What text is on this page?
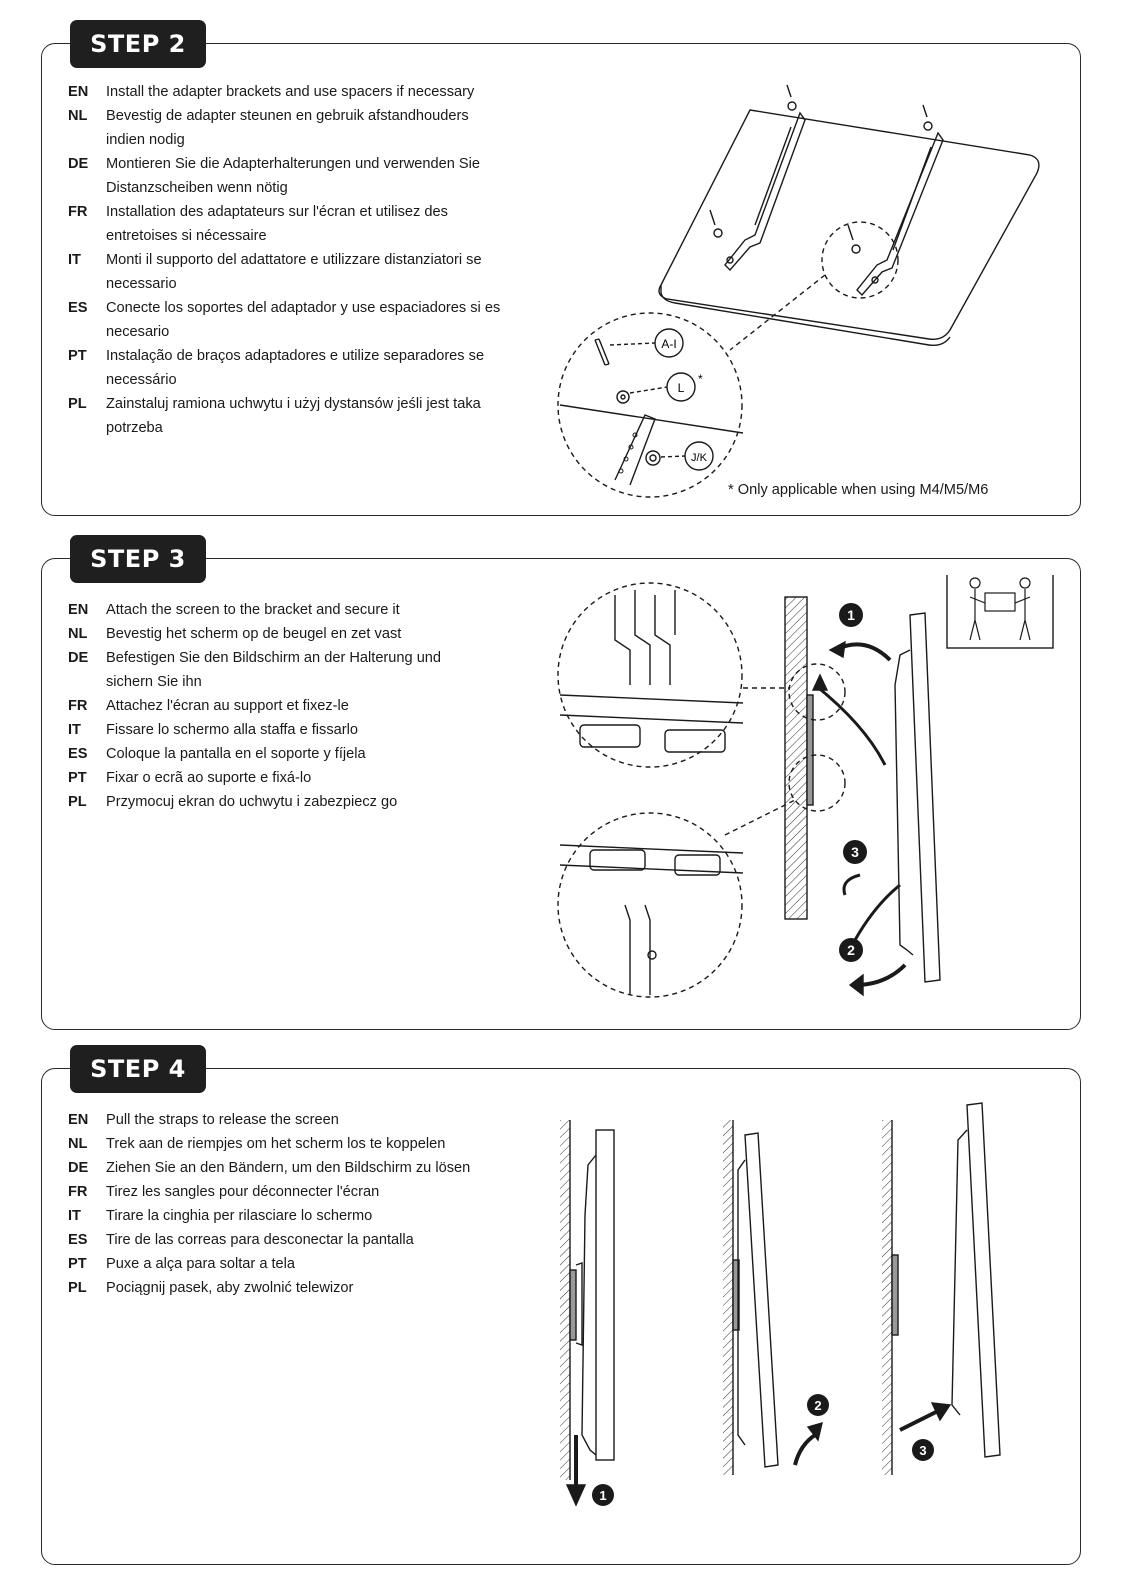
STEP 2
EN	Install the adapter brackets and use spacers if necessary
NL	Bevestig de adapter steunen en gebruik afstandhouders indien nodig
DE	Montieren Sie die Adapterhalterungen und verwenden Sie Distanzscheiben wenn nötig
FR	Installation des adaptateurs sur l'écran et utilisez des entretoises si nécessaire
IT	Monti il supporto del adattatore e utilizzare distanziatori se necessario
ES	Conecte los soportes del adaptador y use espaciadores si es necesario
PT	Instalação de braços adaptadores e utilize separadores se necessário
PL	Zainstaluj ramiona uchwytu i użyj dystansów jeśli jest taka potrzeba
A-I
L
*
J/K
* Only applicable when using M4/M5/M6
STEP 3
EN	Attach the screen to the bracket and secure it
NL	Bevestig het scherm op de beugel en zet vast
DE	Befestigen Sie den Bildschirm an der Halterung und sichern Sie ihn
FR	Attachez l'écran au support et fixez-le
IT	Fissare lo schermo alla staffa e fissarlo
ES	Coloque la pantalla en el soporte y fíjela
PT	Fixar o ecrã ao suporte e fixá-lo
PL	Przymocuj ekran do uchwytu i zabezpiecz go
1
2
3
STEP 4
EN	Pull the straps to release the screen
NL	Trek aan de riempjes om het scherm los te koppelen
DE	Ziehen Sie an den Bändern, um den Bildschirm zu lösen
FR	Tirez les sangles pour déconnecter l'écran
IT	Tirare la cinghia per rilasciare lo schermo
ES	Tire de las correas para desconectar la pantalla
PT	Puxe a alça para soltar a tela
PL	Pociągnij pasek, aby zwolnić telewizor
1
2
3
